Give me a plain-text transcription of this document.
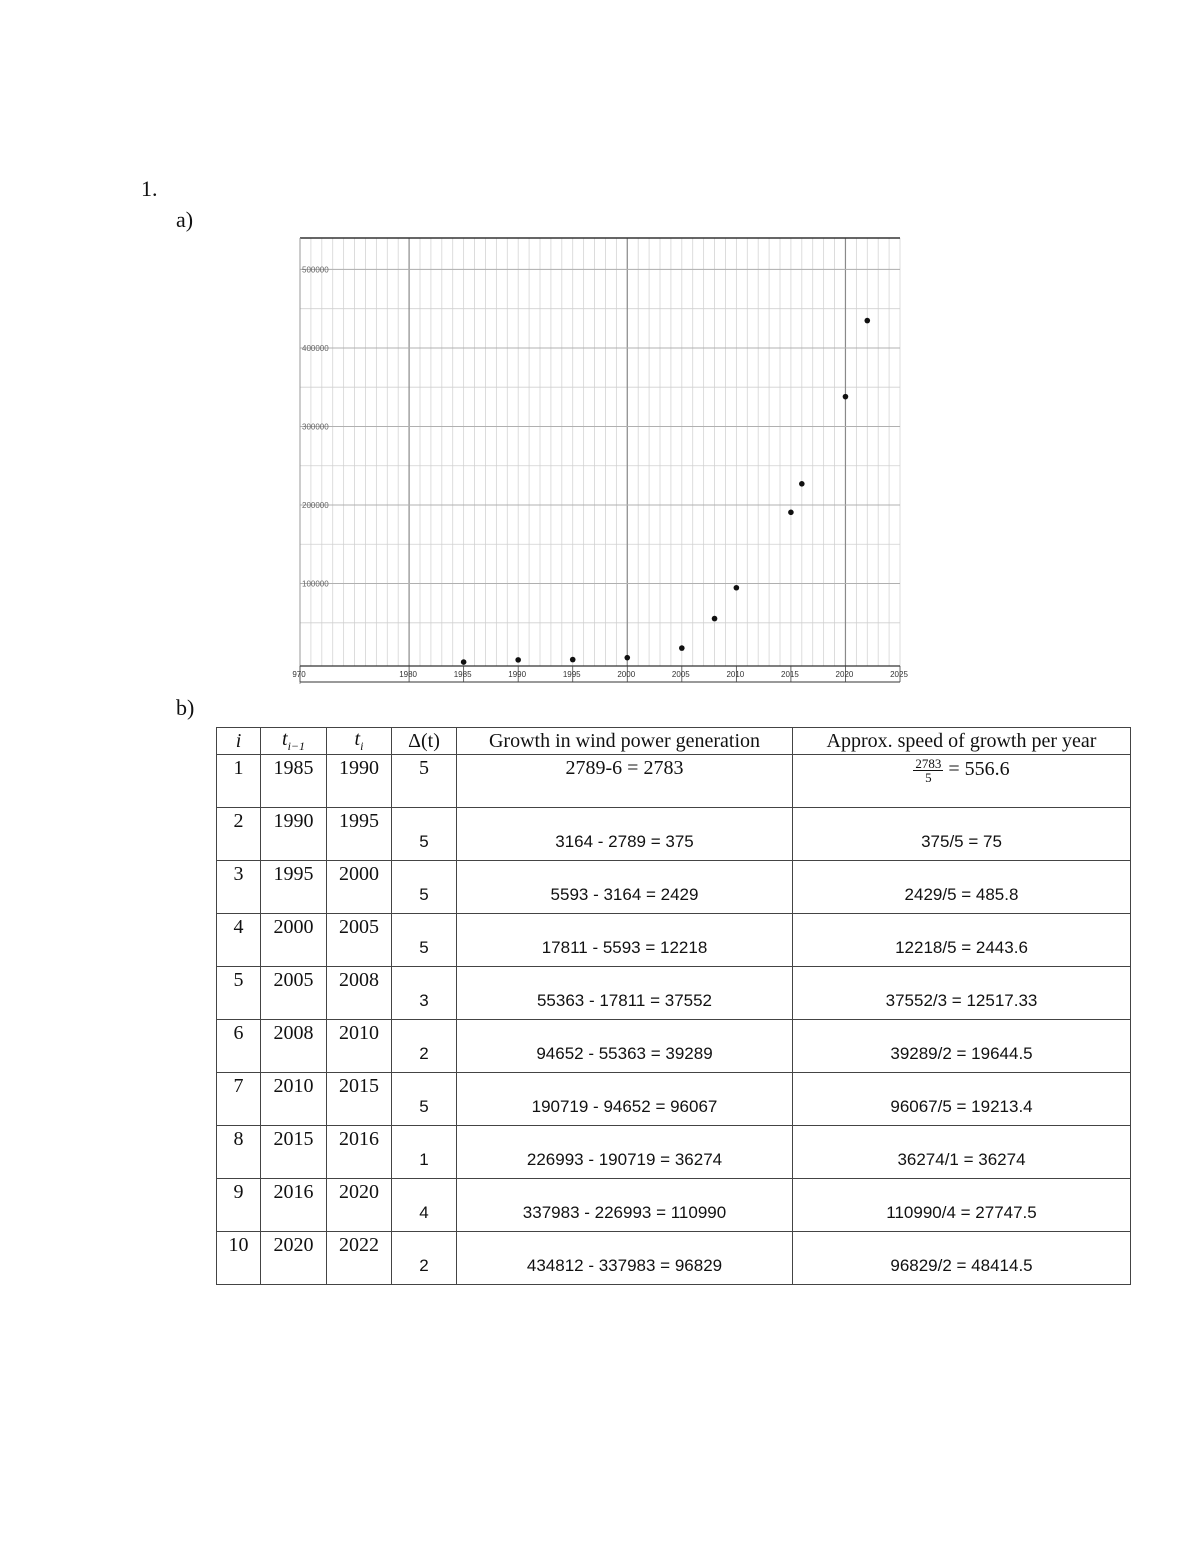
1.
a)
970	1980	1985	1990	1995	2000	2005	2010	2015	2020	2025
100000
200000
300000
400000
500000
b)
i	$t_{i-1}$	$t_i$	Δ(t)	Growth in wind power generation	Approx. speed of growth per year

1	1985	1990	5	2789-6 = 2783	$\frac{2783}{5} = 556.6$

2	1990	1995	5	3164 - 2789 = 375	375/5 = 75

3	1995	2000	5	5593 - 3164 = 2429	2429/5 = 485.8

4	2000	2005	5	17811 - 5593 = 12218	12218/5 = 2443.6

5	2005	2008	3	55363 - 17811 = 37552	37552/3 = 12517.33

6	2008	2010	2	94652 - 55363 = 39289	39289/2 = 19644.5

7	2010	2015	5	190719 - 94652 = 96067	96067/5 = 19213.4

8	2015	2016	1	226993 - 190719 = 36274	36274/1 = 36274

9	2016	2020	4	337983 - 226993 = 110990	110990/4 = 27747.5

10	2020	2022	2	434812 - 337983 = 96829	96829/2 = 48414.5
